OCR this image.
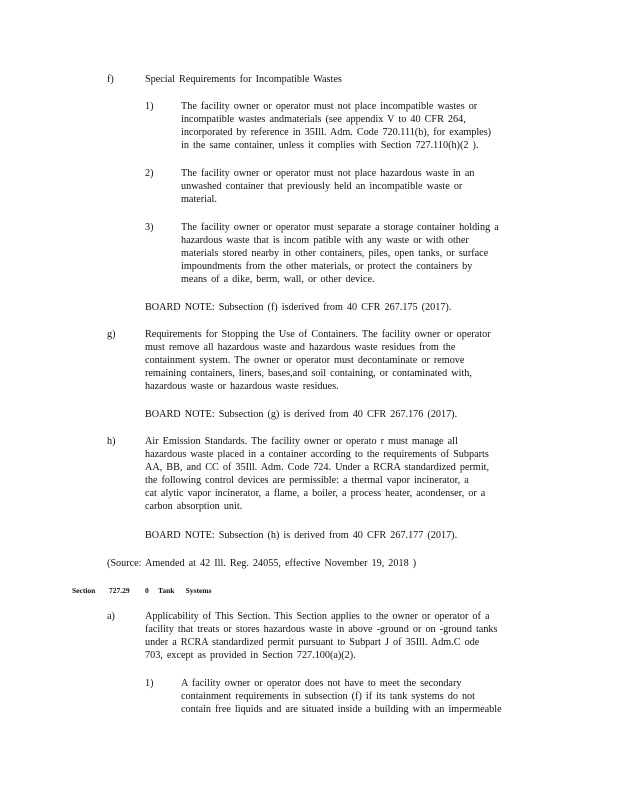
f)	Special Requirements for Incompatible Wastes
1)	The facility owner or operator must not place incompatible wastes or
incompatible wastes andmaterials (see appendix V to 40 CFR 264,
incorporated by reference in 35Ill. Adm. Code 720.111(b), for examples)
in the same container, unless it complies with Section 727.110(h)(2 ).
2)	The facility owner or operator must not place hazardous waste in an
unwashed container that previously held an incompatible waste or
material.
3)	The facility owner or operator must separate a storage container holding a
hazardous waste that is incom patible with any waste or with other
materials stored nearby in other containers, piles, open tanks, or surface
impoundments from the other materials, or protect the containers by
means of a dike, berm, wall, or other device.
BOARD NOTE: Subsection (f) isderived from 40 CFR 267.175 (2017).
g)	Requirements for Stopping the Use of Containers. The facility owner or operator
must remove all hazardous waste and hazardous waste residues from the
containment system. The owner or operator must decontaminate or remove
remaining containers, liners, bases,and soil containing, or contaminated with,
hazardous waste or hazardous waste residues.
BOARD NOTE: Subsection (g) is derived from 40 CFR 267.176 (2017).
h)	Air Emission Standards. The facility owner or operato r must manage all
hazardous waste placed in a container according to the requirements of Subparts
AA, BB, and CC of 35Ill. Adm. Code 724. Under a RCRA standardized permit,
the following control devices are permissible: a thermal vapor incinerator, a
cat alytic vapor incinerator, a flame, a boiler, a process heater, acondenser, or a
carbon absorption unit.
BOARD NOTE: Subsection (h) is derived from 40 CFR 267.177 (2017).
(Source: Amended at 42 Ill. Reg. 24055, effective November 19, 2018 )
Section 727.29 0 Tank      Systems
a)	Applicability of This Section. This Section applies to the owner or operator of a
facility that treats or stores hazardous waste in above -ground or on -ground tanks
under a RCRA standardized permit pursuant to Subpart J of 35Ill. Adm.C ode
703, except as provided in Section 727.100(a)(2).
1)	A facility owner or operator does not have to meet the secondary
containment requirements in subsection (f) if its tank systems do not
contain free liquids and are situated inside a building with an impermeable
